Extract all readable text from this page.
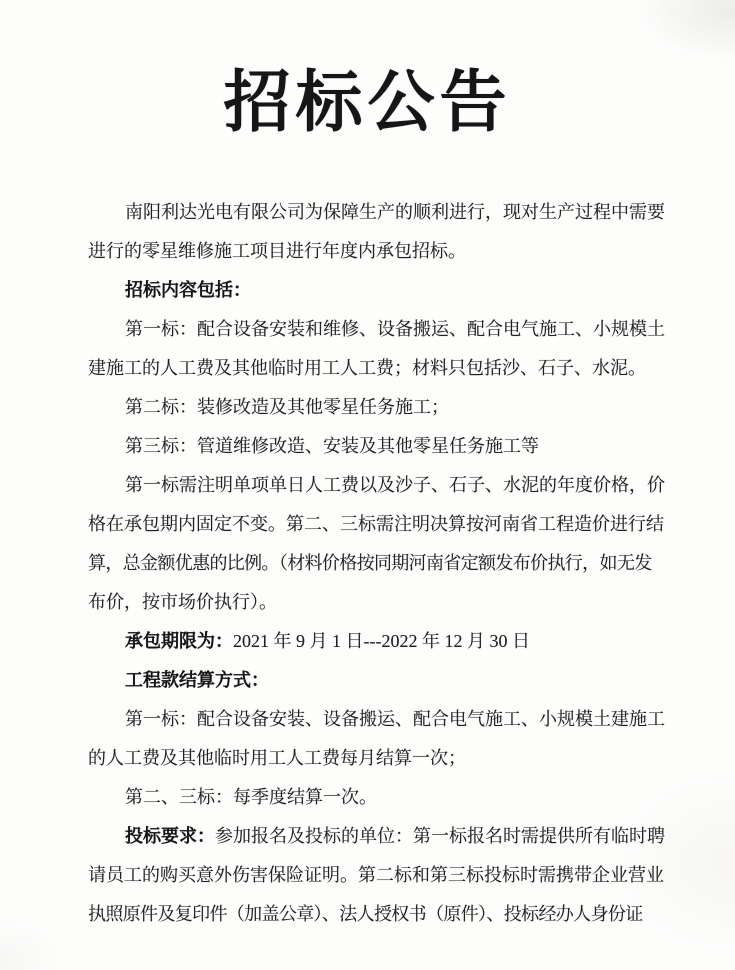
招标公告
南阳利达光电有限公司为保障生产的顺利进行，现对生产过程中需要
进行的零星维修施工项目进行年度内承包招标。
招标内容包括：
第一标：配合设备安装和维修、设备搬运、配合电气施工、小规模土
建施工的人工费及其他临时用工人工费；材料只包括沙、石子、水泥。
第二标：装修改造及其他零星任务施工；
第三标：管道维修改造、安装及其他零星任务施工等
第一标需注明单项单日人工费以及沙子、石子、水泥的年度价格，价
格在承包期内固定不变。第二、三标需注明决算按河南省工程造价进行结
算，总金额优惠的比例。（材料价格按同期河南省定额发布价执行，如无发
布价，按市场价执行）。
承包期限为：2021 年 9 月 1 日---2022 年 12 月 30 日
工程款结算方式：
第一标：配合设备安装、设备搬运、配合电气施工、小规模土建施工
的人工费及其他临时用工人工费每月结算一次；
第二、三标：每季度结算一次。
投标要求：参加报名及投标的单位：第一标报名时需提供所有临时聘
请员工的购买意外伤害保险证明。第二标和第三标投标时需携带企业营业
执照原件及复印件（加盖公章）、法人授权书（原件）、投标经办人身份证
